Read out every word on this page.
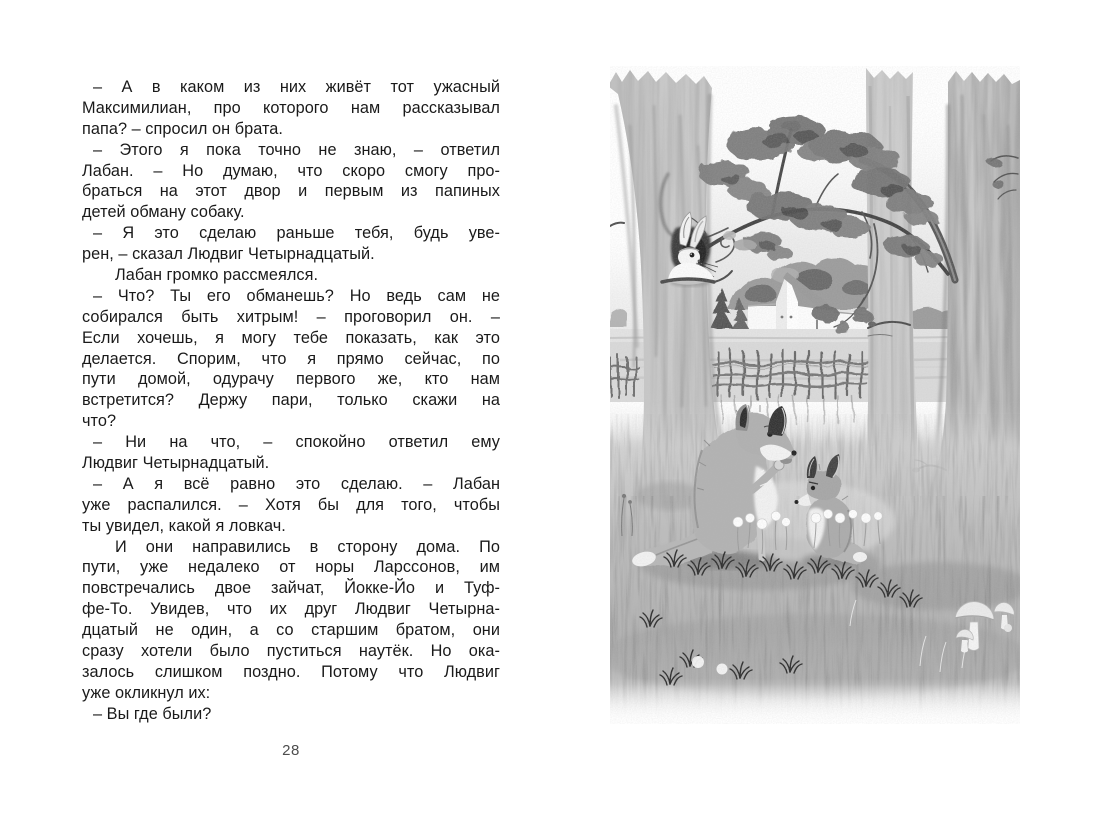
– А в каком из них живёт тот ужасный
Максимилиан, про которого нам рассказывал
папа? – спросил он брата.
– Этого я пока точно не знаю, – ответил
Лабан. – Но думаю, что скоро смогу про-
браться на этот двор и первым из папиных
детей обману собаку.
– Я это сделаю раньше тебя, будь уве-
рен, – сказал Людвиг Четырнадцатый.
Лабан громко рассмеялся.
– Что? Ты его обманешь? Но ведь сам не
собирался быть хитрым! – проговорил он. –
Если хочешь, я могу тебе показать, как это
делается. Спорим, что я прямо сейчас, по
пути домой, одурачу первого же, кто нам
встретится? Держу пари, только скажи на
что?
– Ни на что, – спокойно ответил ему
Людвиг Четырнадцатый.
– А я всё равно это сделаю. – Лабан
уже распалился. – Хотя бы для того, чтобы
ты увидел, какой я ловкач.
И они направились в сторону дома. По
пути, уже недалеко от норы Ларссонов, им
повстречались двое зайчат, Йокке-Йо и Туф-
фе-То. Увидев, что их друг Людвиг Четырна-
дцатый не один, а со старшим братом, они
сразу хотели было пуститься наутёк. Но ока-
залось слишком поздно. Потому что Людвиг
уже окликнул их:
– Вы где были?
28
